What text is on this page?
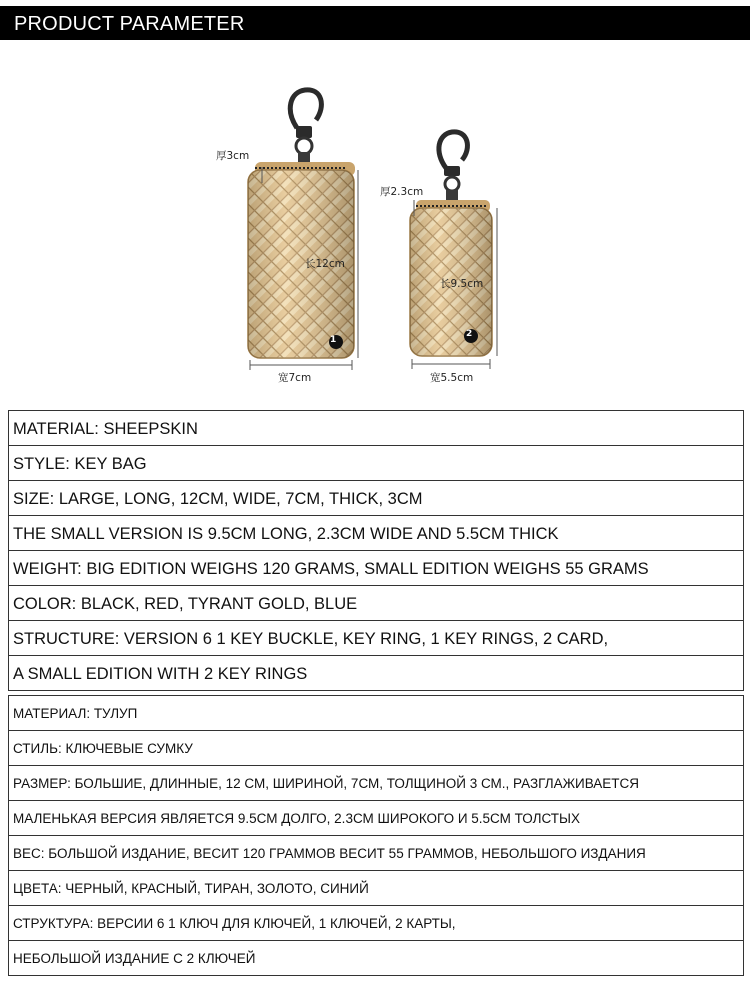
PRODUCT PARAMETER
厚3cm
长12cm
宽7cm
1
厚2.3cm
长9.5cm
宽5.5cm
2
MATERIAL: SHEEPSKIN
STYLE: KEY BAG
SIZE: LARGE, LONG, 12CM, WIDE, 7CM, THICK, 3CM
THE SMALL VERSION IS 9.5CM LONG, 2.3CM WIDE AND 5.5CM THICK
WEIGHT: BIG EDITION WEIGHS 120 GRAMS, SMALL EDITION WEIGHS 55 GRAMS
COLOR: BLACK, RED, TYRANT GOLD, BLUE
STRUCTURE: VERSION 6 1 KEY BUCKLE, KEY RING, 1 KEY RINGS, 2 CARD,
A SMALL EDITION WITH 2 KEY RINGS
МАТЕРИАЛ: ТУЛУП
СТИЛЬ: КЛЮЧЕВЫЕ СУМКУ
РАЗМЕР: БОЛЬШИЕ, ДЛИННЫЕ, 12 СМ, ШИРИНОЙ, 7СМ, ТОЛЩИНОЙ 3 СМ., РАЗГЛАЖИВАЕТСЯ
МАЛЕНЬКАЯ ВЕРСИЯ ЯВЛЯЕТСЯ 9.5СМ ДОЛГО, 2.3СМ ШИРОКОГО И 5.5СМ ТОЛСТЫХ
ВЕС: БОЛЬШОЙ ИЗДАНИЕ, ВЕСИТ 120 ГРАММОВ ВЕСИТ 55 ГРАММОВ, НЕБОЛЬШОГО ИЗДАНИЯ
ЦВЕТА: ЧЕРНЫЙ, КРАСНЫЙ, ТИРАН, ЗОЛОТО, СИНИЙ
СТРУКТУРА: ВЕРСИИ 6 1 КЛЮЧ ДЛЯ КЛЮЧЕЙ, 1 КЛЮЧЕЙ, 2 КАРТЫ,
НЕБОЛЬШОЙ ИЗДАНИЕ С 2 КЛЮЧЕЙ
